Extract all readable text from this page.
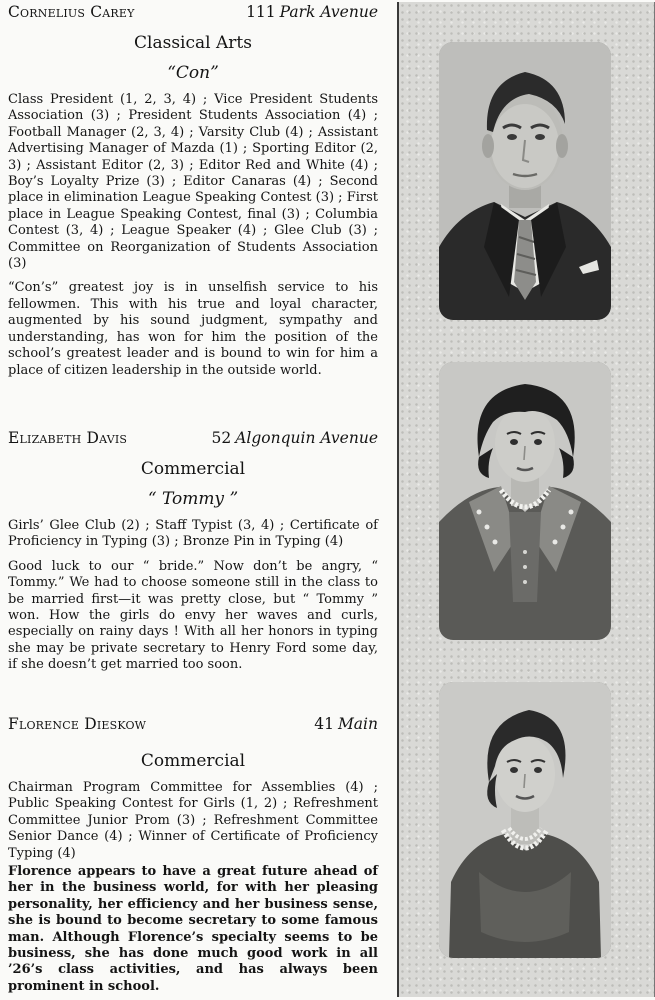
Cornelius Carey	111 Park Avenue
Classical Arts
“Con”
Class President (1, 2, 3, 4) ; Vice President Students Association (3) ; President Students Association (4) ; Football Manager (2, 3, 4) ; Varsity Club (4) ; Assistant Advertising Manager of Mazda (1) ; Sporting Editor (2, 3) ; Assistant Editor (2, 3) ; Editor Red and White (4) ; Boy’s Loyalty Prize (3) ; Editor Canaras (4) ; Second place in elimination League Speaking Contest (3) ; First place in League Speaking Contest, final (3) ; Columbia Contest (3, 4) ; League Speaker (4) ; Glee Club (3) ; Committee on Reorganization of Students Association (3)
“Con’s” greatest joy is in unselfish service to his fellowmen. This with his true and loyal character, augmented by his sound judgment, sympathy and understanding, has won for him the position of the school’s greatest leader and is bound to win for him a place of citizen leadership in the outside world.
Elizabeth Davis	52 Algonquin Avenue
Commercial
“ Tommy ”
Girls’ Glee Club (2) ; Staff Typist (3, 4) ; Certificate of Proficiency in Typing (3) ; Bronze Pin in Typing (4)
Good luck to our “ bride.” Now don’t be angry, “ Tommy.” We had to choose someone still in the class to be married first—it was pretty close, but “ Tommy ” won. How the girls do envy her waves and curls, especially on rainy days ! With all her honors in typing she may be private secretary to Henry Ford some day, if she doesn’t get married too soon.
Florence Dieskow	41 Main
Commercial
Chairman Program Committee for Assemblies (4) ; Public Speaking Contest for Girls (1, 2) ; Refreshment Committee Junior Prom (3) ; Refreshment Committee Senior Dance (4) ; Winner of Certificate of Proficiency Typing (4)
Florence appears to have a great future ahead of her in the business world, for with her pleasing personality, her efficiency and her business sense, she is bound to become secretary to some famous man. Although Florence’s specialty seems to be business, she has done much good work in all ’26’s class activities, and has always been prominent in school.
